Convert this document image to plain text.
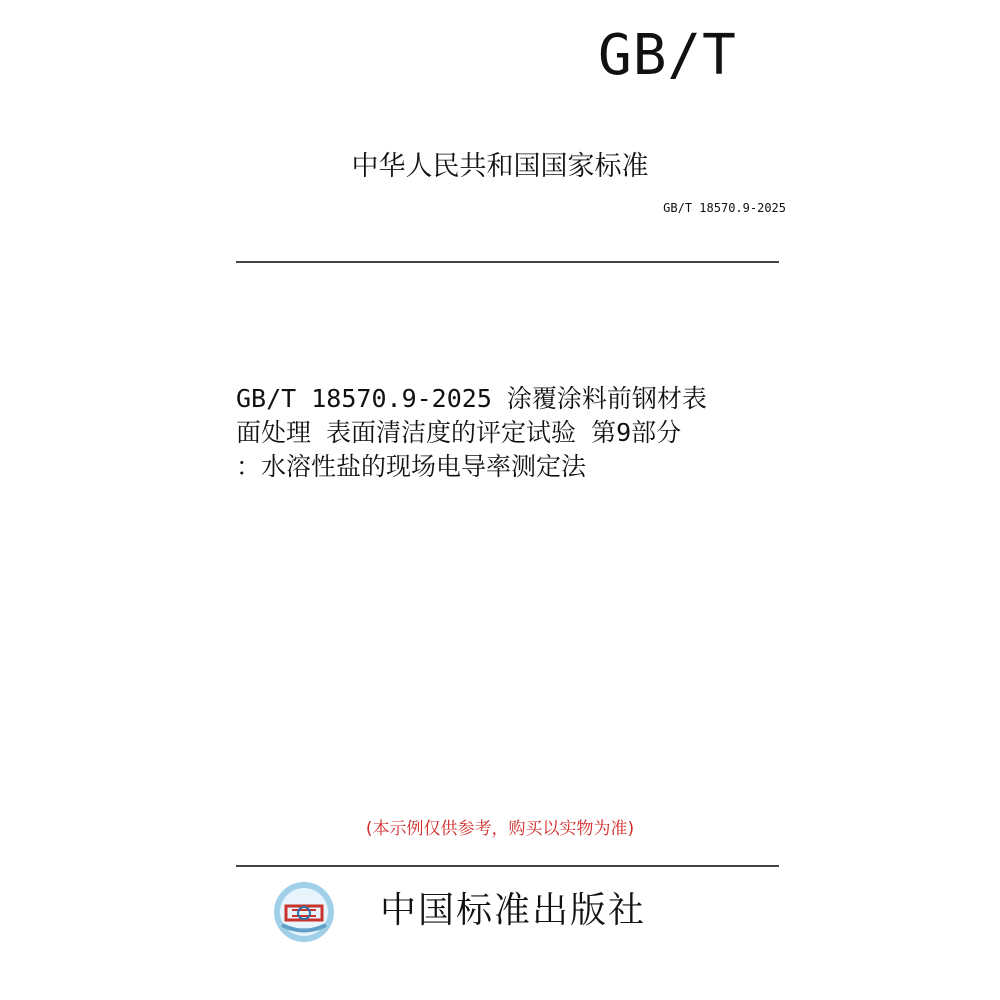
GB/T
中华人民共和国国家标准
GB/T 18570.9-2025
GB/T 18570.9-2025 涂覆涂料前钢材表
面处理 表面清洁度的评定试验 第9部分
：水溶性盐的现场电导率测定法
(本示例仅供参考，购买以实物为准)
中国标准出版社
